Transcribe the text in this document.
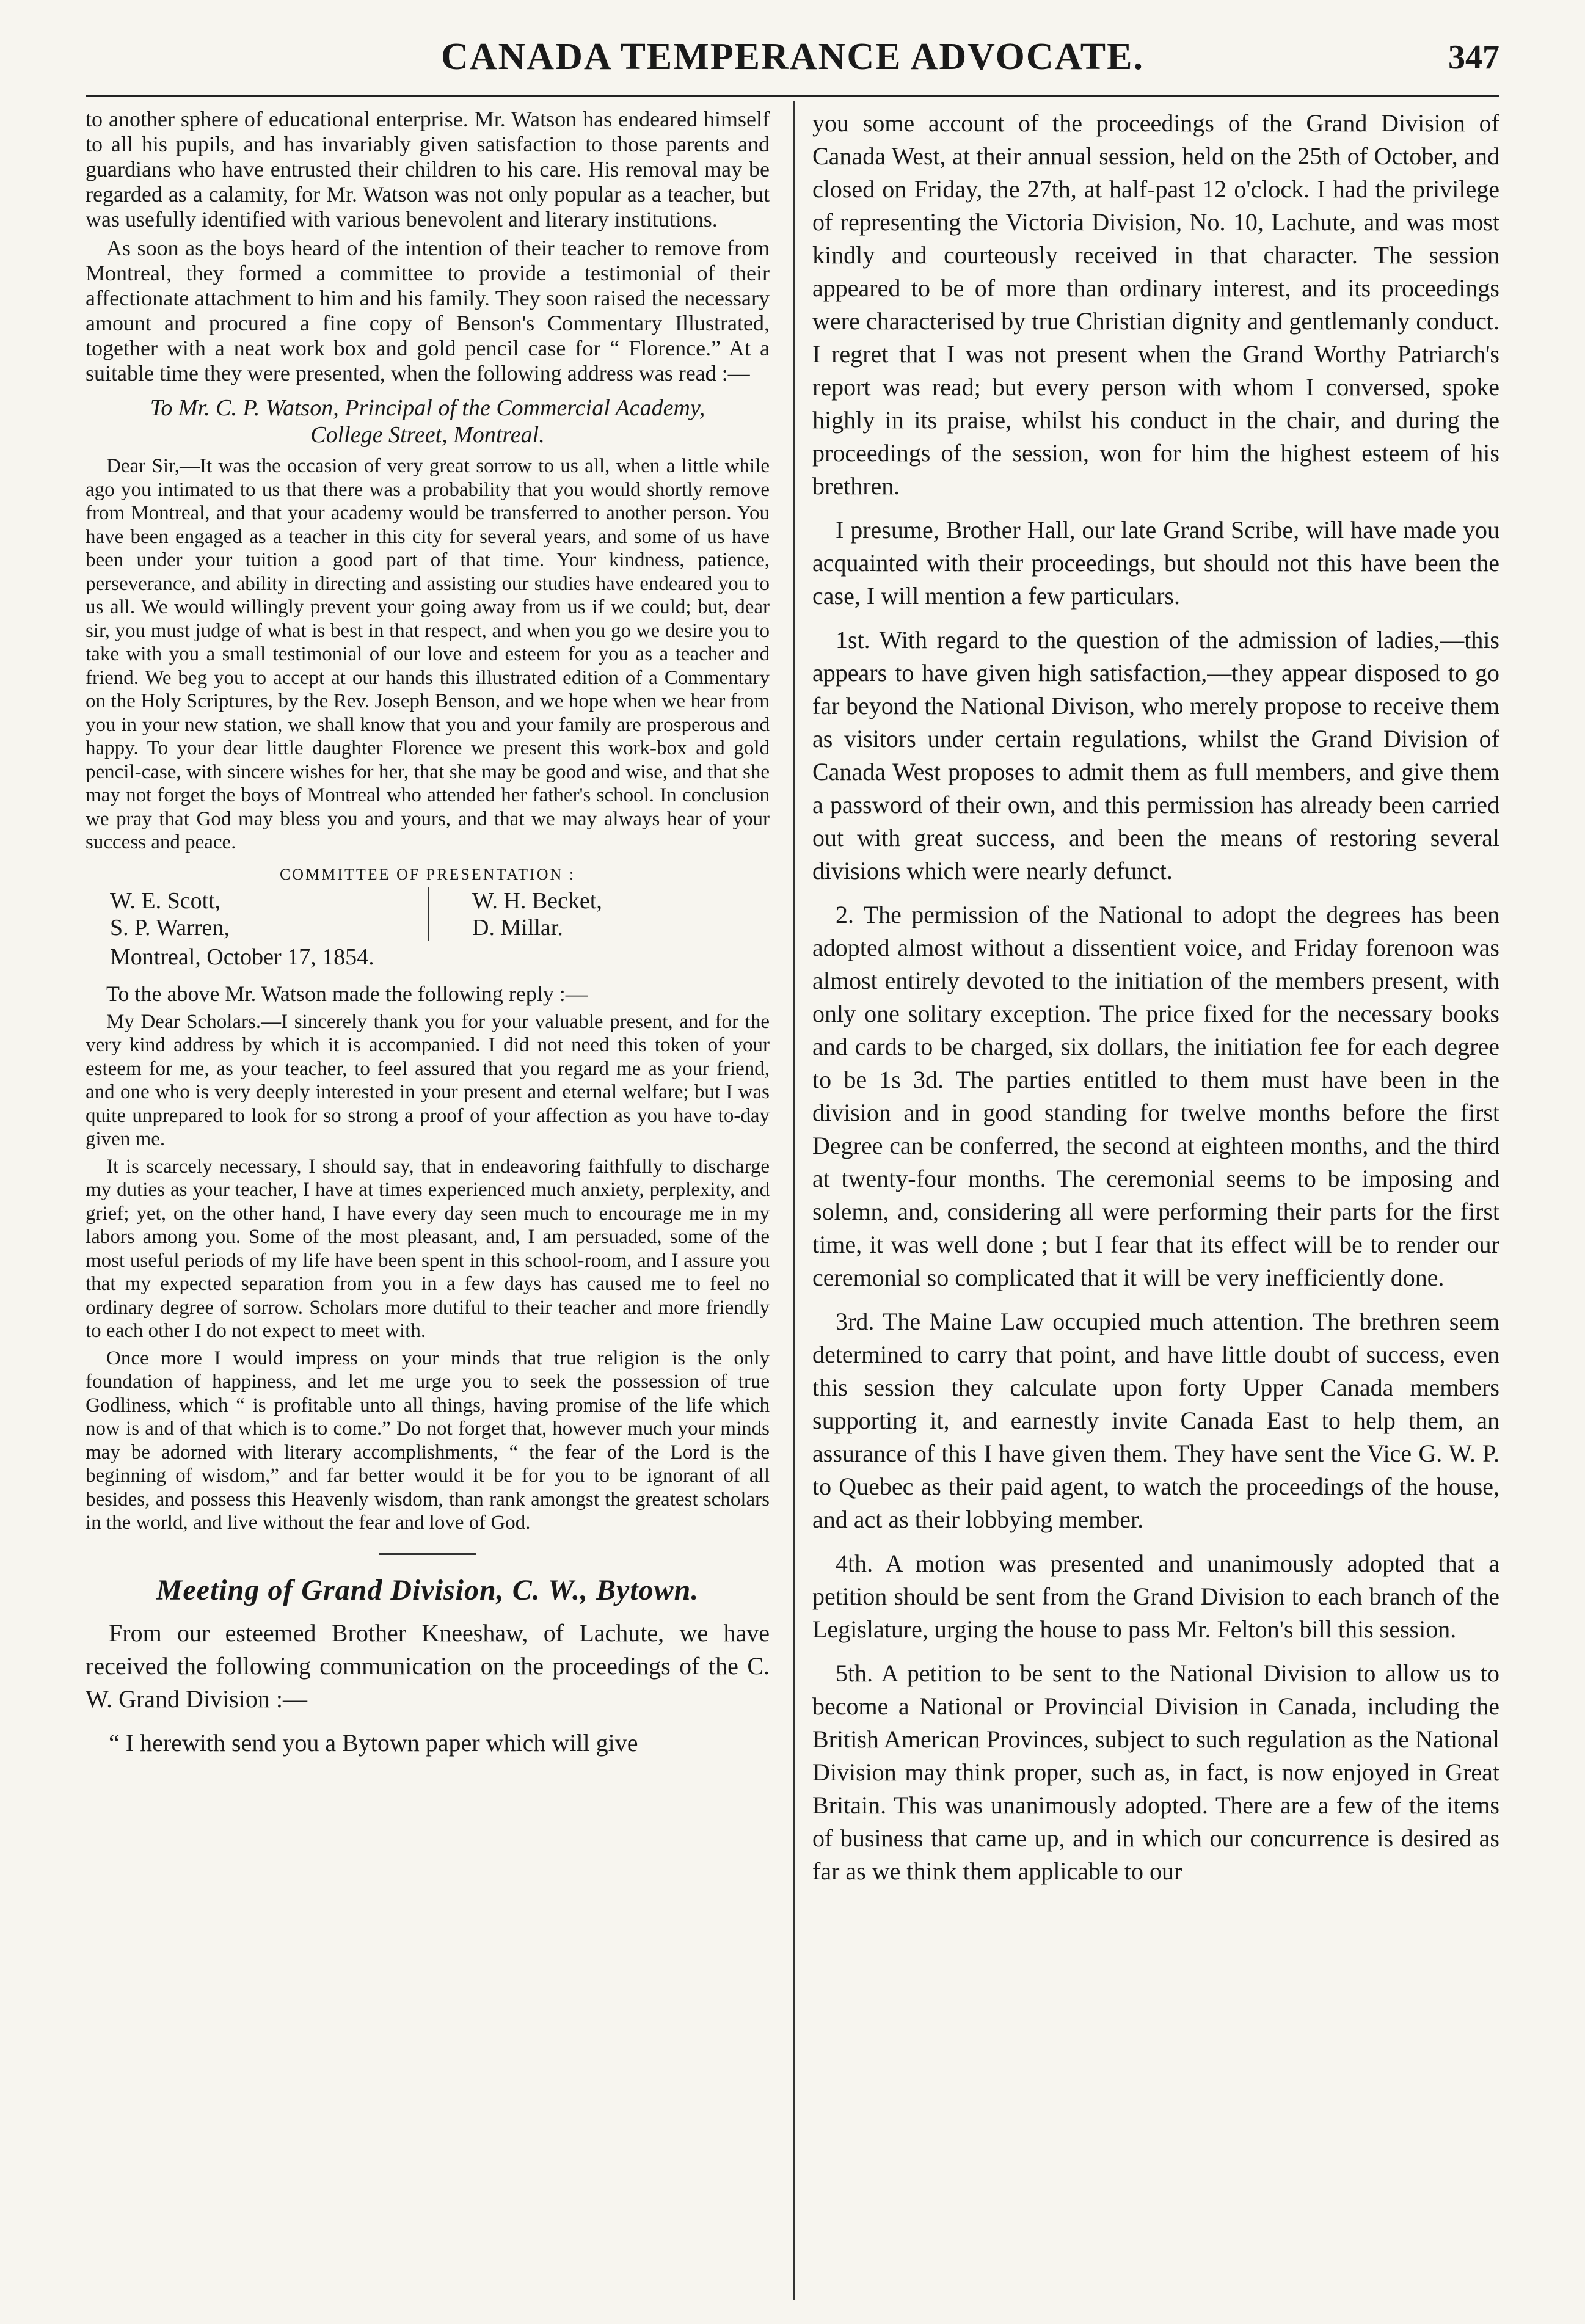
CANADA TEMPERANCE ADVOCATE.	347

to another sphere of educational enterprise. Mr. Watson has endeared himself to all his pupils, and has invariably given satisfaction to those parents and guardians who have entrusted their children to his care. His removal may be regarded as a calamity, for Mr. Watson was not only popular as a teacher, but was usefully identified with various benevolent and literary institutions.

As soon as the boys heard of the intention of their teacher to remove from Montreal, they formed a committee to provide a testimonial of their affectionate attachment to him and his family. They soon raised the necessary amount and procured a fine copy of Benson's Commentary Illustrated, together with a neat work box and gold pencil case for “ Florence.” At a suitable time they were presented, when the following address was read :—

To Mr. C. P. Watson, Principal of the Commercial Academy,
College Street, Montreal.

Dear Sir,—It was the occasion of very great sorrow to us all, when a little while ago you intimated to us that there was a probability that you would shortly remove from Montreal, and that your academy would be transferred to another person. You have been engaged as a teacher in this city for several years, and some of us have been under your tuition a good part of that time. Your kindness, patience, perseverance, and ability in directing and assisting our studies have endeared you to us all. We would willingly prevent your going away from us if we could; but, dear sir, you must judge of what is best in that respect, and when you go we desire you to take with you a small testimonial of our love and esteem for you as a teacher and friend. We beg you to accept at our hands this illustrated edition of a Commentary on the Holy Scriptures, by the Rev. Joseph Benson, and we hope when we hear from you in your new station, we shall know that you and your family are prosperous and happy. To your dear little daughter Florence we present this work-box and gold pencil-case, with sincere wishes for her, that she may be good and wise, and that she may not forget the boys of Montreal who attended her father's school. In conclusion we pray that God may bless you and yours, and that we may always hear of your success and peace.

COMMITTEE OF PRESENTATION :
W. E. Scott,
S. P. Warren,
W. H. Becket,
D. Millar.
Montreal, October 17, 1854.

To the above Mr. Watson made the following reply :—

My Dear Scholars.—I sincerely thank you for your valuable present, and for the very kind address by which it is accompanied. I did not need this token of your esteem for me, as your teacher, to feel assured that you regard me as your friend, and one who is very deeply interested in your present and eternal welfare; but I was quite unprepared to look for so strong a proof of your affection as you have to-day given me.

It is scarcely necessary, I should say, that in endeavoring faithfully to discharge my duties as your teacher, I have at times experienced much anxiety, perplexity, and grief; yet, on the other hand, I have every day seen much to encourage me in my labors among you. Some of the most pleasant, and, I am persuaded, some of the most useful periods of my life have been spent in this school-room, and I assure you that my expected separation from you in a few days has caused me to feel no ordinary degree of sorrow. Scholars more dutiful to their teacher and more friendly to each other I do not expect to meet with.

Once more I would impress on your minds that true religion is the only foundation of happiness, and let me urge you to seek the possession of true Godliness, which “ is profitable unto all things, having promise of the life which now is and of that which is to come.” Do not forget that, however much your minds may be adorned with literary accomplishments, “ the fear of the Lord is the beginning of wisdom,” and far better would it be for you to be ignorant of all besides, and possess this Heavenly wisdom, than rank amongst the greatest scholars in the world, and live without the fear and love of God.

Meeting of Grand Division, C. W., Bytown.

From our esteemed Brother Kneeshaw, of Lachute, we have received the following communication on the proceedings of the C. W. Grand Division :—

“ I herewith send you a Bytown paper which will give

you some account of the proceedings of the Grand Division of Canada West, at their annual session, held on the 25th of October, and closed on Friday, the 27th, at half-past 12 o'clock. I had the privilege of representing the Victoria Division, No. 10, Lachute, and was most kindly and courteously received in that character. The session appeared to be of more than ordinary interest, and its proceedings were characterised by true Christian dignity and gentlemanly conduct. I regret that I was not present when the Grand Worthy Patriarch's report was read; but every person with whom I conversed, spoke highly in its praise, whilst his conduct in the chair, and during the proceedings of the session, won for him the highest esteem of his brethren.

I presume, Brother Hall, our late Grand Scribe, will have made you acquainted with their proceedings, but should not this have been the case, I will mention a few particulars.

1st. With regard to the question of the admission of ladies,—this appears to have given high satisfaction,—they appear disposed to go far beyond the National Divison, who merely propose to receive them as visitors under certain regulations, whilst the Grand Division of Canada West proposes to admit them as full members, and give them a password of their own, and this permission has already been carried out with great success, and been the means of restoring several divisions which were nearly defunct.

2. The permission of the National to adopt the degrees has been adopted almost without a dissentient voice, and Friday forenoon was almost entirely devoted to the initiation of the members present, with only one solitary exception. The price fixed for the necessary books and cards to be charged, six dollars, the initiation fee for each degree to be 1s 3d. The parties entitled to them must have been in the division and in good standing for twelve months before the first Degree can be conferred, the second at eighteen months, and the third at twenty-four months. The ceremonial seems to be imposing and solemn, and, considering all were performing their parts for the first time, it was well done ; but I fear that its effect will be to render our ceremonial so complicated that it will be very inefficiently done.

3rd. The Maine Law occupied much attention. The brethren seem determined to carry that point, and have little doubt of success, even this session they calculate upon forty Upper Canada members supporting it, and earnestly invite Canada East to help them, an assurance of this I have given them. They have sent the Vice G. W. P. to Quebec as their paid agent, to watch the proceedings of the house, and act as their lobbying member.

4th. A motion was presented and unanimously adopted that a petition should be sent from the Grand Division to each branch of the Legislature, urging the house to pass Mr. Felton's bill this session.

5th. A petition to be sent to the National Division to allow us to become a National or Provincial Division in Canada, including the British American Provinces, subject to such regulation as the National Division may think proper, such as, in fact, is now enjoyed in Great Britain. This was unanimously adopted. There are a few of the items of business that came up, and in which our concurrence is desired as far as we think them applicable to our
